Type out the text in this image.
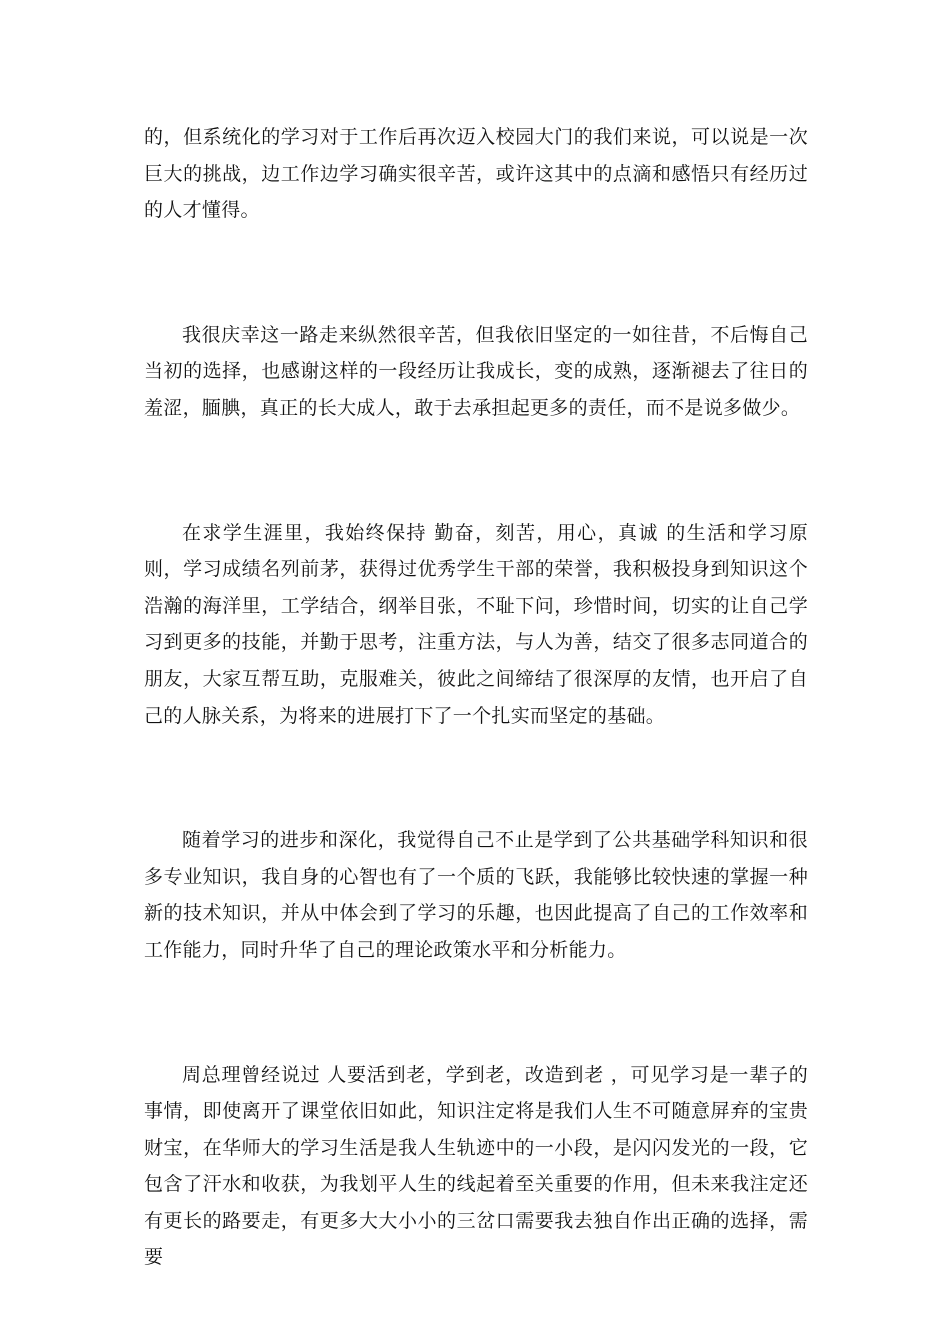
的，但系统化的学习对于工作后再次迈入校园大门的我们来说，可以说是一次巨大的挑战，边工作边学习确实很辛苦，或许这其中的点滴和感悟只有经历过的人才懂得。

我很庆幸这一路走来纵然很辛苦，但我依旧坚定的一如往昔，不后悔自己当初的选择，也感谢这样的一段经历让我成长，变的成熟，逐渐褪去了往日的羞涩，腼腆，真正的长大成人，敢于去承担起更多的责任，而不是说多做少。

在求学生涯里，我始终保持 勤奋，刻苦，用心，真诚 的生活和学习原则，学习成绩名列前茅，获得过优秀学生干部的荣誉，我积极投身到知识这个浩瀚的海洋里，工学结合，纲举目张，不耻下问，珍惜时间，切实的让自己学习到更多的技能，并勤于思考，注重方法，与人为善，结交了很多志同道合的朋友，大家互帮互助，克服难关，彼此之间缔结了很深厚的友情，也开启了自己的人脉关系，为将来的进展打下了一个扎实而坚定的基础。

随着学习的进步和深化，我觉得自己不止是学到了公共基础学科知识和很多专业知识，我自身的心智也有了一个质的飞跃，我能够比较快速的掌握一种新的技术知识，并从中体会到了学习的乐趣，也因此提高了自己的工作效率和工作能力，同时升华了自己的理论政策水平和分析能力。

周总理曾经说过 人要活到老，学到老，改造到老 ，可见学习是一辈子的事情，即使离开了课堂依旧如此，知识注定将是我们人生不可随意屏弃的宝贵财宝，在华师大的学习生活是我人生轨迹中的一小段，是闪闪发光的一段，它包含了汗水和收获，为我划平人生的线起着至关重要的作用，但未来我注定还有更长的路要走，有更多大大小小的三岔口需要我去独自作出正确的选择，需要
